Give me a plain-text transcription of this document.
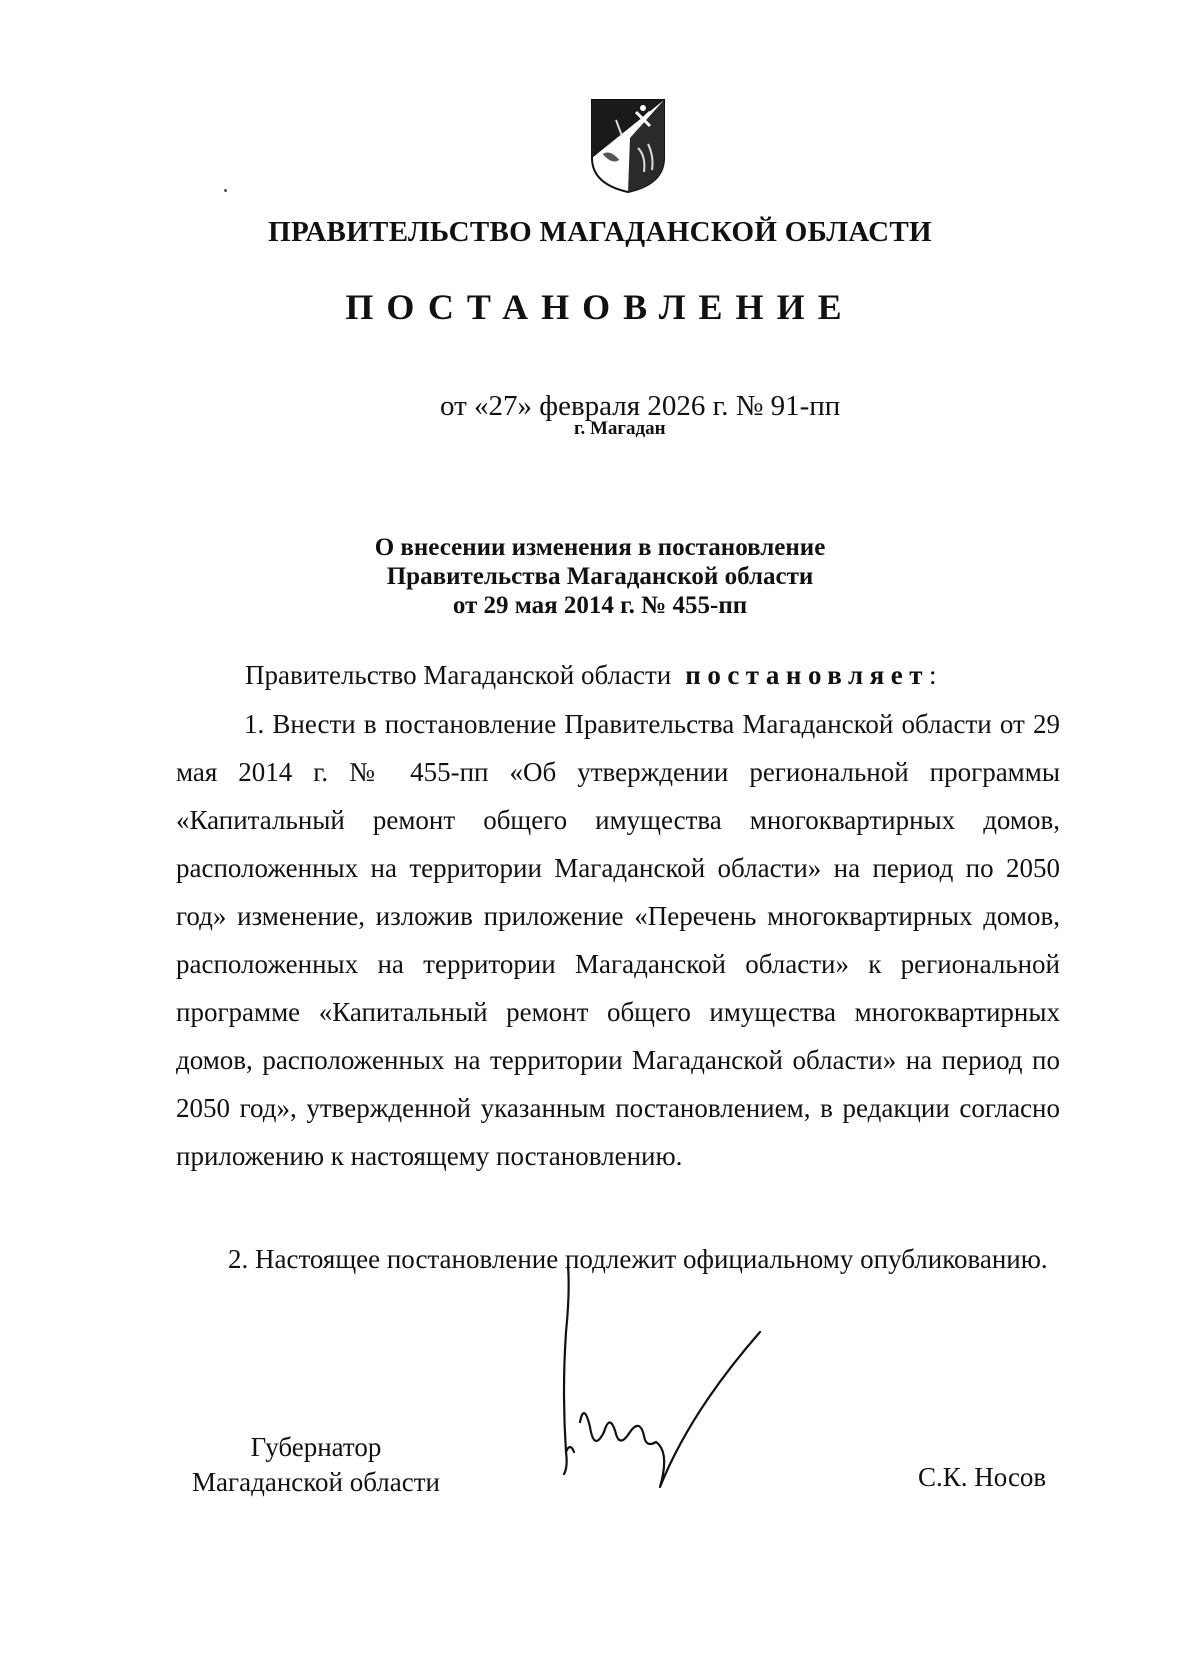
ПРАВИТЕЛЬСТВО МАГАДАНСКОЙ ОБЛАСТИ
ПОСТАНОВЛЕНИЕ
от «27» февраля 2026 г. № 91-пп
г. Магадан
О внесении изменения в постановление
Правительства Магаданской области
от 29 мая 2014 г. № 455-пп
Правительство Магаданской области постановляет:
1. Внести в постановление Правительства Магаданской области от 29 мая 2014 г. № 455-пп «Об утверждении региональной программы «Капитальный ремонт общего имущества многоквартирных домов, расположенных на территории Магаданской области» на период по 2050 год» изменение, изложив приложение «Перечень многоквартирных домов, расположенных на территории Магаданской области» к региональной программе «Капитальный ремонт общего имущества многоквартирных домов, расположенных на территории Магаданской области» на период по 2050 год», утвержденной указанным постановлением, в редакции согласно приложению к настоящему постановлению.
2. Настоящее постановление подлежит официальному опубликованию.
Губернатор
Магаданской области	С.К. Носов
